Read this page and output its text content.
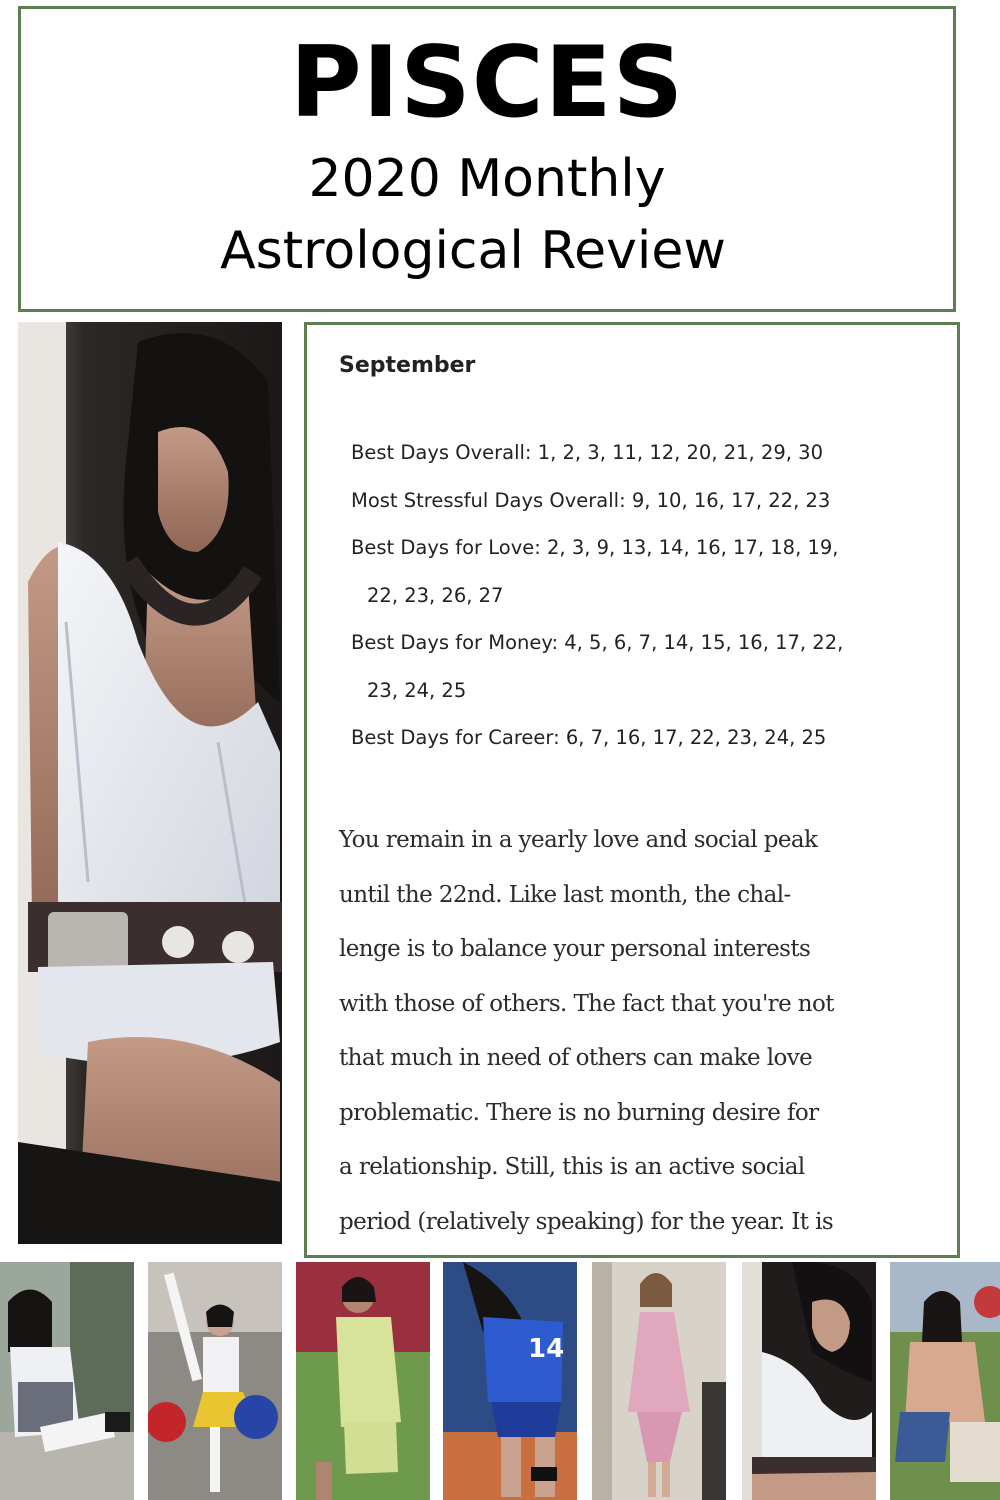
PISCES
2020 Monthly
Astrological Review
September
Best Days Overall: 1, 2, 3, 11, 12, 20, 21, 29, 30
Most Stressful Days Overall: 9, 10, 16, 17, 22, 23
Best Days for Love: 2, 3, 9, 13, 14, 16, 17, 18, 19,
22, 23, 26, 27
Best Days for Money: 4, 5, 6, 7, 14, 15, 16, 17, 22,
23, 24, 25
Best Days for Career: 6, 7, 16, 17, 22, 23, 24, 25
You remain in a yearly love and social peak
until the 22nd. Like last month, the chal-
lenge is to balance your personal interests
with those of others. The fact that you're not
that much in need of others can make love
problematic. There is no burning desire for
a relationship. Still, this is an active social
period (relatively speaking) for the year. It is
14
